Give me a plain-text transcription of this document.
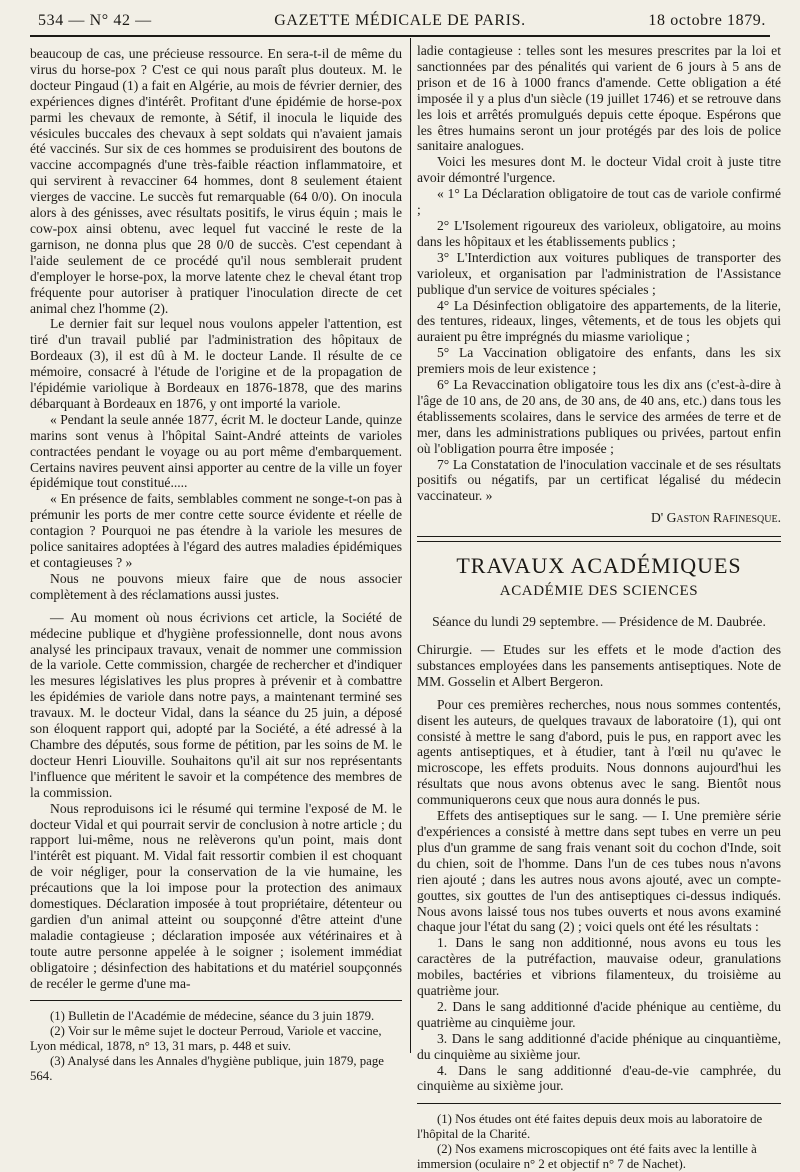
534 — N° 42 —	GAZETTE MÉDICALE DE PARIS.	18 octobre 1879.

beaucoup de cas, une précieuse ressource. En sera-t-il de même du virus du horse-pox ? C'est ce qui nous paraît plus douteux. M. le docteur Pingaud (1) a fait en Algérie, au mois de février dernier, des expériences dignes d'intérêt. Profitant d'une épidémie de horse-pox parmi les chevaux de remonte, à Sétif, il inocula le liquide des vésicules buccales des chevaux à sept soldats qui n'avaient jamais été vaccinés. Sur six de ces hommes se produisirent des boutons de vaccine accompagnés d'une très-faible réaction inflammatoire, et qui servirent à revacciner 64 hommes, dont 8 seulement étaient vierges de vaccine. Le succès fut remarquable (64 0/0). On inocula alors à des génisses, avec résultats positifs, le virus équin ; mais le cow-pox ainsi obtenu, avec lequel fut vacciné le reste de la garnison, ne donna plus que 28 0/0 de succès. C'est cependant à l'aide seulement de ce procédé qu'il nous semblerait prudent d'employer le horse-pox, la morve latente chez le cheval étant trop fréquente pour autoriser à pratiquer l'inoculation directe de cet animal chez l'homme (2).

Le dernier fait sur lequel nous voulons appeler l'attention, est tiré d'un travail publié par l'administration des hôpitaux de Bordeaux (3), il est dû à M. le docteur Lande. Il résulte de ce mémoire, consacré à l'étude de l'origine et de la propagation de l'épidémie variolique à Bordeaux en 1876-1878, que des marins débarquant à Bordeaux en 1876, y ont importé la variole.

« Pendant la seule année 1877, écrit M. le docteur Lande, quinze marins sont venus à l'hôpital Saint-André atteints de varioles contractées pendant le voyage ou au port même d'embarquement. Certains navires peuvent ainsi apporter au centre de la ville un foyer épidémique tout constitué.....

« En présence de faits, semblables comment ne songe-t-on pas à prémunir les ports de mer contre cette source évidente et réelle de contagion ? Pourquoi ne pas étendre à la variole les mesures de police sanitaires adoptées à l'égard des autres maladies épidémiques et contagieuses ? »

Nous ne pouvons mieux faire que de nous associer complètement à des réclamations aussi justes.

— Au moment où nous écrivions cet article, la Société de médecine publique et d'hygiène professionnelle, dont nous avons analysé les principaux travaux, venait de nommer une commission de la variole. Cette commission, chargée de rechercher et d'indiquer les mesures législatives les plus propres à prévenir et à combattre les épidémies de variole dans notre pays, a maintenant terminé ses travaux. M. le docteur Vidal, dans la séance du 25 juin, a déposé son éloquent rapport qui, adopté par la Société, a été adressé à la Chambre des députés, sous forme de pétition, par les soins de M. le docteur Henri Liouville. Souhaitons qu'il ait sur nos représentants l'influence que méritent le savoir et la compétence des membres de la commission.

Nous reproduisons ici le résumé qui termine l'exposé de M. le docteur Vidal et qui pourrait servir de conclusion à notre article ; du rapport lui-même, nous ne relèverons qu'un point, mais dont l'intérêt est piquant. M. Vidal fait ressortir combien il est choquant de voir négliger, pour la conservation de la vie humaine, les précautions que la loi impose pour la protection des animaux domestiques. Déclaration imposée à tout propriétaire, détenteur ou gardien d'un animal atteint ou soupçonné d'être atteint d'une maladie contagieuse ; déclaration imposée aux vétérinaires et à toute autre personne appelée à le soigner ; isolement immédiat obligatoire ; désinfection des habitations et du matériel soupçonnés de recéler le germe d'une ma-

(1) Bulletin de l'Académie de médecine, séance du 3 juin 1879.

(2) Voir sur le même sujet le docteur Perroud, Variole et vaccine, Lyon médical, 1878, n° 13, 31 mars, p. 448 et suiv.

(3) Analysé dans les Annales d'hygiène publique, juin 1879, page 564.

ladie contagieuse : telles sont les mesures prescrites par la loi et sanctionnées par des pénalités qui varient de 6 jours à 5 ans de prison et de 16 à 1000 francs d'amende. Cette obligation a été imposée il y a plus d'un siècle (19 juillet 1746) et se retrouve dans les lois et arrêtés promulgués depuis cette époque. Espérons que les êtres humains seront un jour protégés par des lois de police sanitaire analogues.

Voici les mesures dont M. le docteur Vidal croit à juste titre avoir démontré l'urgence.

« 1° La Déclaration obligatoire de tout cas de variole confirmé ;

2° L'Isolement rigoureux des varioleux, obligatoire, au moins dans les hôpitaux et les établissements publics ;

3° L'Interdiction aux voitures publiques de transporter des varioleux, et organisation par l'administration de l'Assistance publique d'un service de voitures spéciales ;

4° La Désinfection obligatoire des appartements, de la literie, des tentures, rideaux, linges, vêtements, et de tous les objets qui auraient pu être imprégnés du miasme variolique ;

5° La Vaccination obligatoire des enfants, dans les six premiers mois de leur existence ;

6° La Revaccination obligatoire tous les dix ans (c'est-à-dire à l'âge de 10 ans, de 20 ans, de 30 ans, de 40 ans, etc.) dans tous les établissements scolaires, dans le service des armées de terre et de mer, dans les administrations publiques ou privées, partout enfin où l'obligation pourra être imposée ;

7° La Constatation de l'inoculation vaccinale et de ses résultats positifs ou négatifs, par un certificat légalisé du médecin vaccinateur. »

D' Gaston Rafinesque.

TRAVAUX ACADÉMIQUES
ACADÉMIE DES SCIENCES
Séance du lundi 29 septembre. — Présidence de M. Daubrée.

Chirurgie. — Etudes sur les effets et le mode d'action des substances employées dans les pansements antiseptiques. Note de MM. Gosselin et Albert Bergeron.

Pour ces premières recherches, nous nous sommes contentés, disent les auteurs, de quelques travaux de laboratoire (1), qui ont consisté à mettre le sang d'abord, puis le pus, en rapport avec les agents antiseptiques, et à étudier, tant à l'œil nu qu'avec le microscope, les effets produits. Nous donnons aujourd'hui les résultats que nous avons obtenus avec le sang. Bientôt nous communiquerons ceux que nous aura donnés le pus.

Effets des antiseptiques sur le sang. — I. Une première série d'expériences a consisté à mettre dans sept tubes en verre un peu plus d'un gramme de sang frais venant soit du cochon d'Inde, soit du chien, soit de l'homme. Dans l'un de ces tubes nous n'avons rien ajouté ; dans les autres nous avons ajouté, avec un compte-gouttes, six gouttes de l'un des antiseptiques ci-dessus indiqués. Nous avons laissé tous nos tubes ouverts et nous avons examiné chaque jour l'état du sang (2) ; voici quels ont été les résultats :

1. Dans le sang non additionné, nous avons eu tous les caractères de la putréfaction, mauvaise odeur, granulations mobiles, bactéries et vibrions filamenteux, du troisième au quatrième jour.

2. Dans le sang additionné d'acide phénique au centième, du quatrième au cinquième jour.

3. Dans le sang additionné d'acide phénique au cinquantième, du cinquième au sixième jour.

4. Dans le sang additionné d'eau-de-vie camphrée, du cinquième au sixième jour.

(1) Nos études ont été faites depuis deux mois au laboratoire de l'hôpital de la Charité.

(2) Nos examens microscopiques ont été faits avec la lentille à immersion (oculaire n° 2 et objectif n° 7 de Nachet).
